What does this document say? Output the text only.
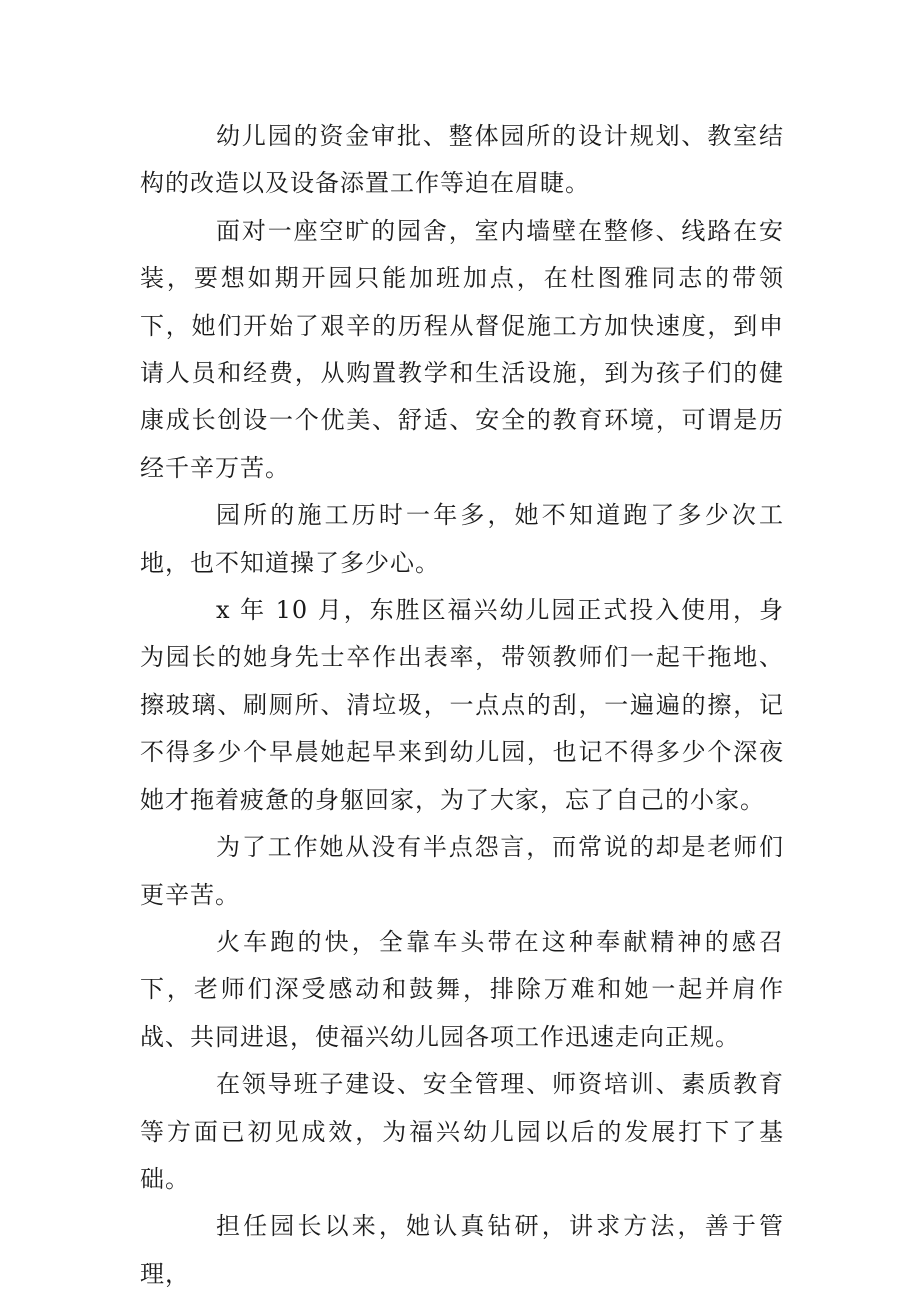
幼儿园的资金审批、整体园所的设计规划、教室结构的改造以及设备添置工作等迫在眉睫。

面对一座空旷的园舍，室内墙壁在整修、线路在安装，要想如期开园只能加班加点，在杜图雅同志的带领下，她们开始了艰辛的历程从督促施工方加快速度，到申请人员和经费，从购置教学和生活设施，到为孩子们的健康成长创设一个优美、舒适、安全的教育环境，可谓是历经千辛万苦。

园所的施工历时一年多，她不知道跑了多少次工地，也不知道操了多少心。

x 年 10 月，东胜区福兴幼儿园正式投入使用，身为园长的她身先士卒作出表率，带领教师们一起干拖地、擦玻璃、刷厕所、清垃圾，一点点的刮，一遍遍的擦，记不得多少个早晨她起早来到幼儿园，也记不得多少个深夜她才拖着疲惫的身躯回家，为了大家，忘了自己的小家。

为了工作她从没有半点怨言，而常说的却是老师们更辛苦。

火车跑的快，全靠车头带在这种奉献精神的感召下，老师们深受感动和鼓舞，排除万难和她一起并肩作战、共同进退，使福兴幼儿园各项工作迅速走向正规。

在领导班子建设、安全管理、师资培训、素质教育等方面已初见成效，为福兴幼儿园以后的发展打下了基础。

担任园长以来，她认真钻研，讲求方法，善于管理，
